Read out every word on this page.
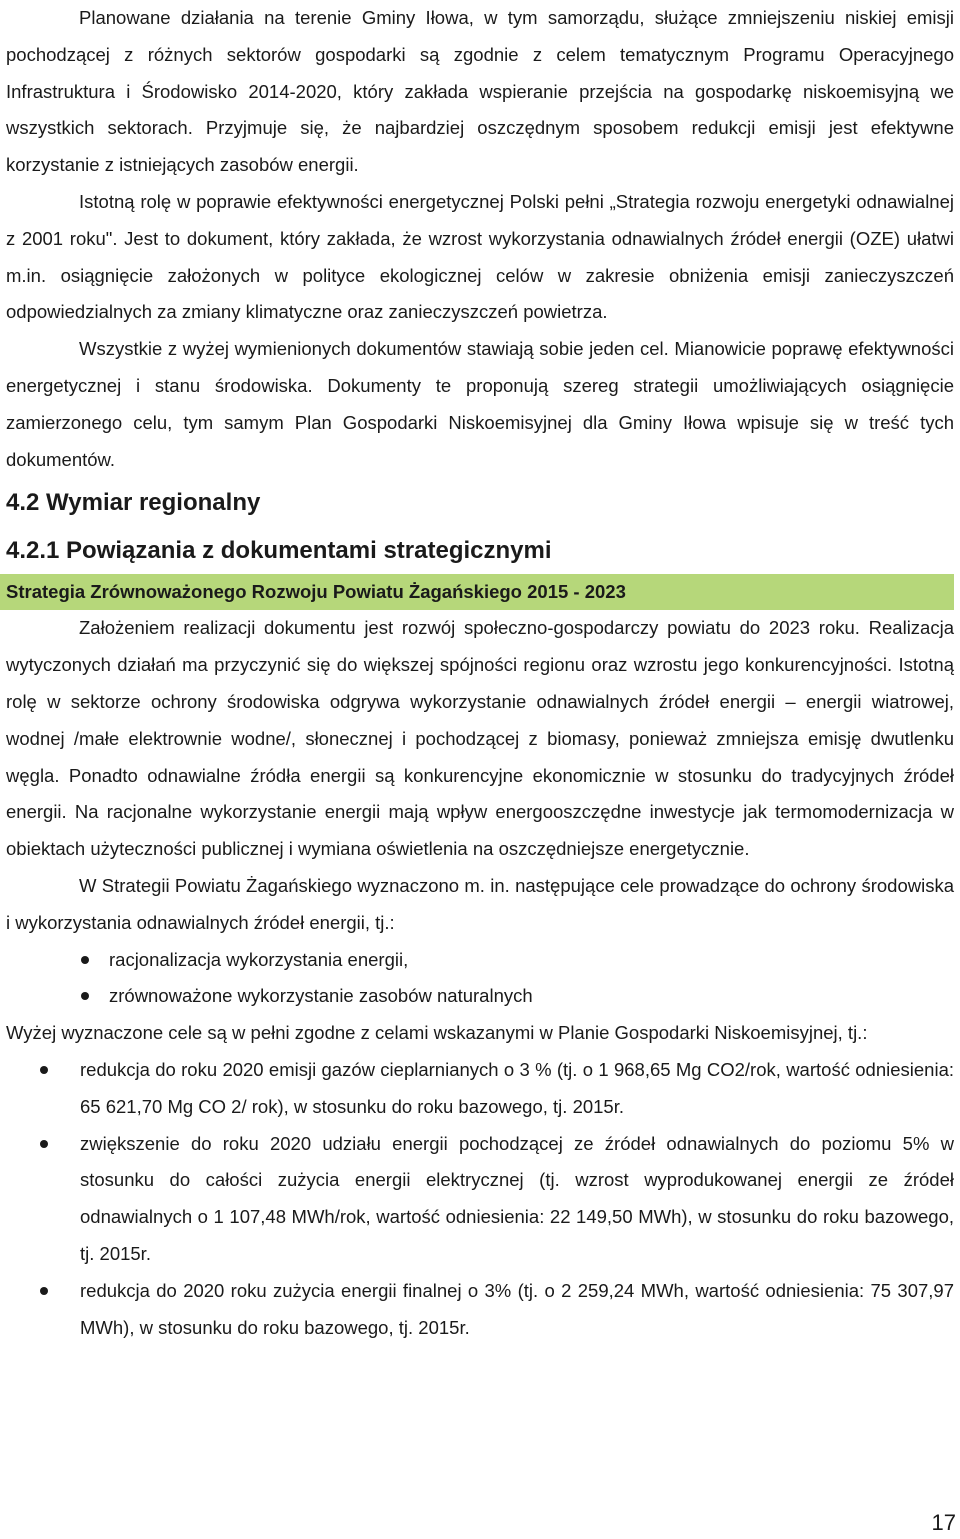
Planowane działania na terenie Gminy Iłowa, w tym samorządu, służące zmniejszeniu niskiej emisji pochodzącej z różnych sektorów gospodarki są zgodnie z celem tematycznym Programu Operacyjnego Infrastruktura i Środowisko 2014-2020, który zakłada wspieranie przejścia na gospodarkę niskoemisyjną we wszystkich sektorach. Przyjmuje się, że najbardziej oszczędnym sposobem redukcji emisji jest efektywne korzystanie z istniejących zasobów energii.

Istotną rolę w poprawie efektywności energetycznej Polski pełni „Strategia rozwoju energetyki odnawialnej z 2001 roku". Jest to dokument, który zakłada, że wzrost wykorzystania odnawialnych źródeł energii (OZE) ułatwi m.in. osiągnięcie założonych w polityce ekologicznej celów w zakresie obniżenia emisji zanieczyszczeń odpowiedzialnych za zmiany klimatyczne oraz zanieczyszczeń powietrza.

Wszystkie z wyżej wymienionych dokumentów stawiają sobie jeden cel. Mianowicie poprawę efektywności energetycznej i stanu środowiska. Dokumenty te proponują szereg strategii umożliwiających osiągnięcie zamierzonego celu, tym samym Plan Gospodarki Niskoemisyjnej dla Gminy Iłowa wpisuje się w treść tych dokumentów.

4.2 Wymiar regionalny
4.2.1 Powiązania z dokumentami strategicznymi
Strategia Zrównoważonego Rozwoju Powiatu Żagańskiego 2015 - 2023

Założeniem realizacji dokumentu jest rozwój społeczno-gospodarczy powiatu do 2023 roku. Realizacja wytyczonych działań ma przyczynić się do większej spójności regionu oraz wzrostu jego konkurencyjności. Istotną rolę w sektorze ochrony środowiska odgrywa wykorzystanie odnawialnych źródeł energii – energii wiatrowej, wodnej /małe elektrownie wodne/, słonecznej i pochodzącej z biomasy, ponieważ zmniejsza emisję dwutlenku węgla. Ponadto odnawialne źródła energii są konkurencyjne ekonomicznie w stosunku do tradycyjnych źródeł energii. Na racjonalne wykorzystanie energii mają wpływ energooszczędne inwestycje jak termomodernizacja w obiektach użyteczności publicznej i wymiana oświetlenia na oszczędniejsze energetycznie.

W Strategii Powiatu Żagańskiego wyznaczono m. in. następujące cele prowadzące do ochrony środowiska i wykorzystania odnawialnych źródeł energii, tj.:

racjonalizacja wykorzystania energii,
zrównoważone wykorzystanie zasobów naturalnych

Wyżej wyznaczone cele są w pełni zgodne z celami wskazanymi w Planie Gospodarki Niskoemisyjnej, tj.:

redukcja do roku 2020 emisji gazów cieplarnianych o 3 % (tj. o 1 968,65 Mg CO2/rok, wartość odniesienia: 65 621,70 Mg CO 2/ rok), w stosunku do roku bazowego, tj. 2015r.
zwiększenie do roku 2020 udziału energii pochodzącej ze źródeł odnawialnych do poziomu 5% w stosunku do całości zużycia energii elektrycznej (tj. wzrost wyprodukowanej energii ze źródeł odnawialnych o 1 107,48 MWh/rok, wartość odniesienia: 22 149,50 MWh), w stosunku do roku bazowego, tj. 2015r.
redukcja do 2020 roku zużycia energii finalnej o 3% (tj. o 2 259,24 MWh, wartość odniesienia: 75 307,97 MWh), w stosunku do roku bazowego, tj. 2015r.
17
